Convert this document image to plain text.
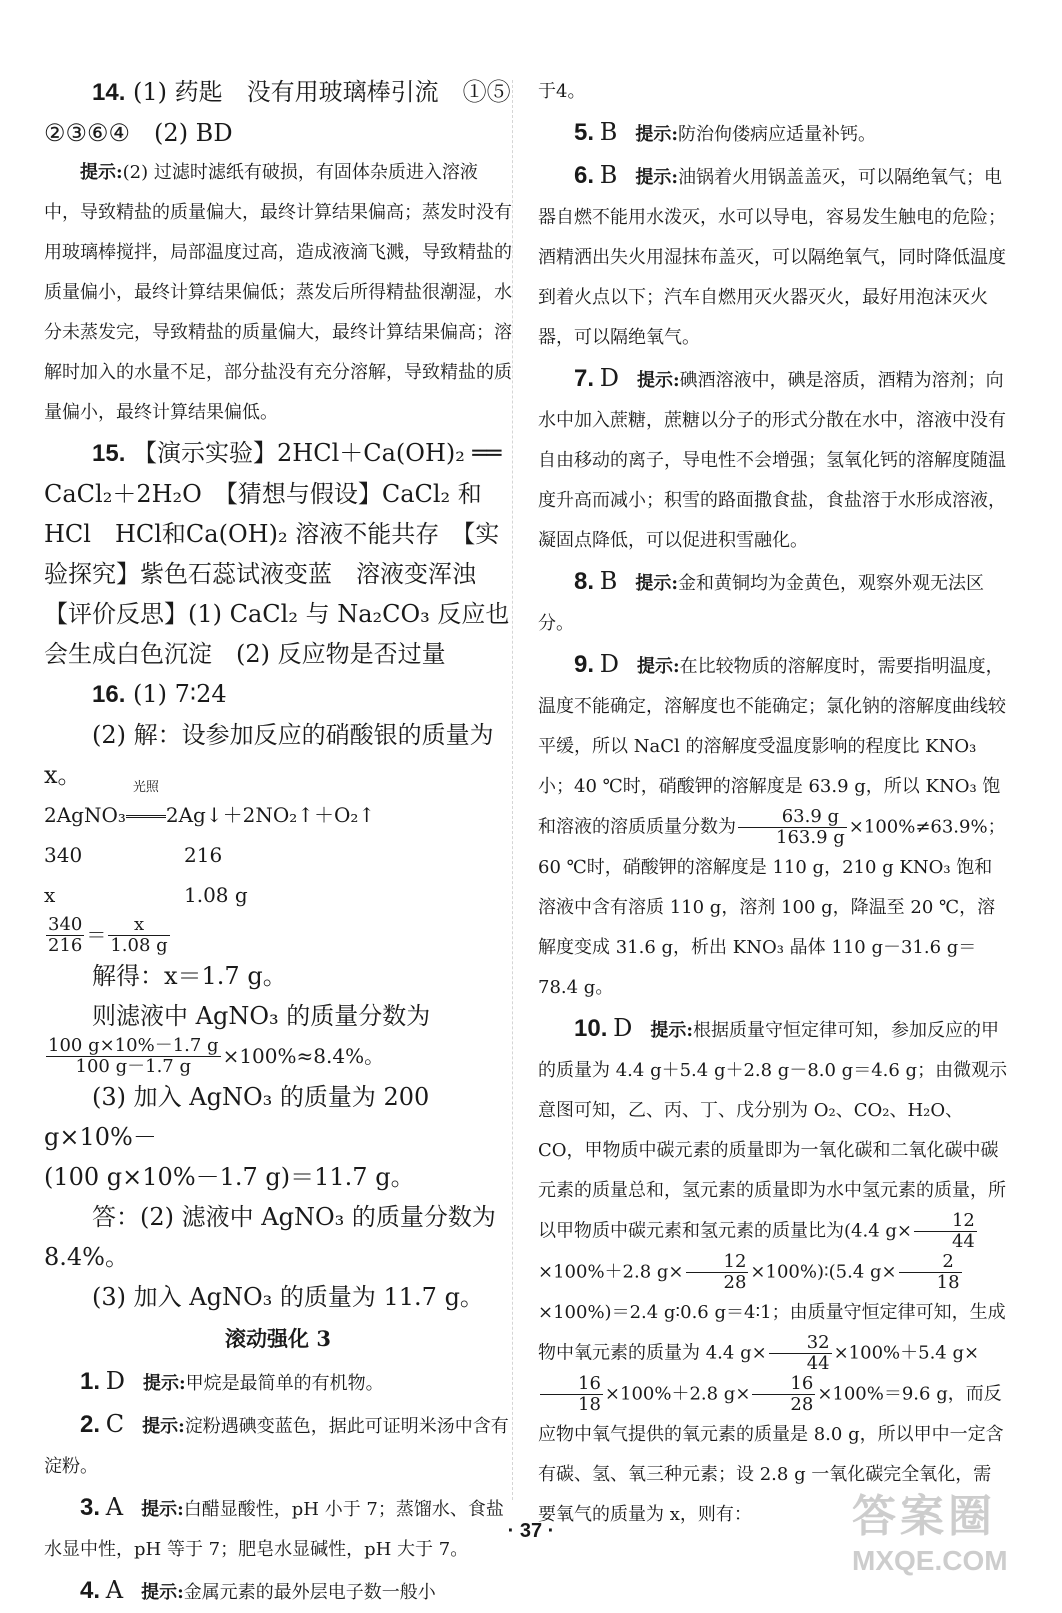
14. (1) 药匙　没有用玻璃棒引流　①⑤

②③⑥④　(2) BD

提示:(2) 过滤时滤纸有破损，有固体杂质进入溶液中，导致精盐的质量偏大，最终计算结果偏高；蒸发时没有用玻璃棒搅拌，局部温度过高，造成液滴飞溅，导致精盐的质量偏小，最终计算结果偏低；蒸发后所得精盐很潮湿，水分未蒸发完，导致精盐的质量偏大，最终计算结果偏高；溶解时加入的水量不足，部分盐没有充分溶解，导致精盐的质量偏小，最终计算结果偏低。

15. 【演示实验】2HCl＋Ca(OH)₂ ══ CaCl₂＋2H₂O　【猜想与假设】CaCl₂ 和 HCl　HCl和Ca(OH)₂ 溶液不能共存　【实验探究】紫色石蕊试液变蓝　溶液变浑浊　【评价反思】(1) CaCl₂ 与 Na₂CO₃ 反应也会生成白色沉淀　(2) 反应物是否过量

16. (1) 7∶24

(2) 解：设参加反应的硝酸银的质量为 x。

2AgNO₃
光照
2Ag↓＋2NO₂↑＋O₂↑
340	216
x	1.08 g
$\frac{340}{216} = \frac{x}{1.08 g}$

解得：x＝1.7 g。

则滤液中 AgNO₃ 的质量分数为

$\frac{100 g\times 10\%-1.7 g}{100 g-1.7 g} \times 100\%\approx 8.4\%$。

(3) 加入 AgNO₃ 的质量为 200 g×10%－

(100 g×10%－1.7 g)＝11.7 g。

答：(2) 滤液中 AgNO₃ 的质量分数为8.4%。

(3) 加入 AgNO₃ 的质量为 11.7 g。

滚动强化 3

1. D　 提示:甲烷是最简单的有机物。

2. C　 提示:淀粉遇碘变蓝色，据此可证明米汤中含有淀粉。

3. A　 提示:白醋显酸性，pH 小于 7；蒸馏水、食盐水显中性，pH 等于 7；肥皂水显碱性，pH 大于 7。

4. A　 提示:金属元素的最外层电子数一般小

于4。

5. B　 提示:防治佝偻病应适量补钙。

6. B　 提示:油锅着火用锅盖盖灭，可以隔绝氧气；电器自燃不能用水泼灭，水可以导电，容易发生触电的危险；酒精洒出失火用湿抹布盖灭，可以隔绝氧气，同时降低温度到着火点以下；汽车自燃用灭火器灭火，最好用泡沫灭火器，可以隔绝氧气。

7. D　 提示:碘酒溶液中，碘是溶质，酒精为溶剂；向水中加入蔗糖，蔗糖以分子的形式分散在水中，溶液中没有自由移动的离子，导电性不会增强；氢氧化钙的溶解度随温度升高而减小；积雪的路面撒食盐，食盐溶于水形成溶液，凝固点降低，可以促进积雪融化。

8. B　 提示:金和黄铜均为金黄色，观察外观无法区分。

9. D　 提示:在比较物质的溶解度时，需要指明温度，温度不能确定，溶解度也不能确定；氯化钠的溶解度曲线较平缓，所以 NaCl 的溶解度受温度影响的程度比 KNO₃ 小；40 ℃时，硝酸钾的溶解度是 63.9 g，所以 KNO₃ 饱和溶液的溶质质量分数为 $\frac{63.9 g}{163.9 g} \times 100\%\ne 63.9\%$；60 ℃时，硝酸钾的溶解度是 110 g，210 g KNO₃ 饱和溶液中含有溶质 110 g，溶剂 100 g，降温至 20 ℃，溶解度变成 31.6 g，析出 KNO₃ 晶体 110 g－31.6 g＝78.4 g。

10. D　 提示:根据质量守恒定律可知，参加反应的甲的质量为 4.4 g＋5.4 g＋2.8 g－8.0 g＝4.6 g；由微观示意图可知，乙、丙、丁、戊分别为 O₂、CO₂、H₂O、CO，甲物质中碳元素的质量即为一氧化碳和二氧化碳中碳元素的质量总和，氢元素的质量即为水中氢元素的质量，所以甲物质中碳元素和氢元素的质量比为(4.4 $g\times \frac{12}{44}$
×100%＋2.8 $g\times \frac{12}{28}$ ×100%)∶(5.4 $g\times \frac{2}{18}$
×100%)＝2.4 g∶0.6 g＝4∶1；由质量守恒定律可知，生成物中氧元素的质量为 4.4 $g\times \frac{32}{44} \times 100\%+5.4$ g×
$\frac{16}{18} \times 100\%+2.8$ $g\times \frac{16}{28} \times 100\%=9.6$ g，而反应物中氧气提供的氧元素的质量是 8.0 g，所以甲中一定含有碳、氢、氧三种元素；设 2.8 g 一氧化碳完全氧化，需要氧气的质量为 x，则有：

· 37 ·	答案圈
MXQE.COM
